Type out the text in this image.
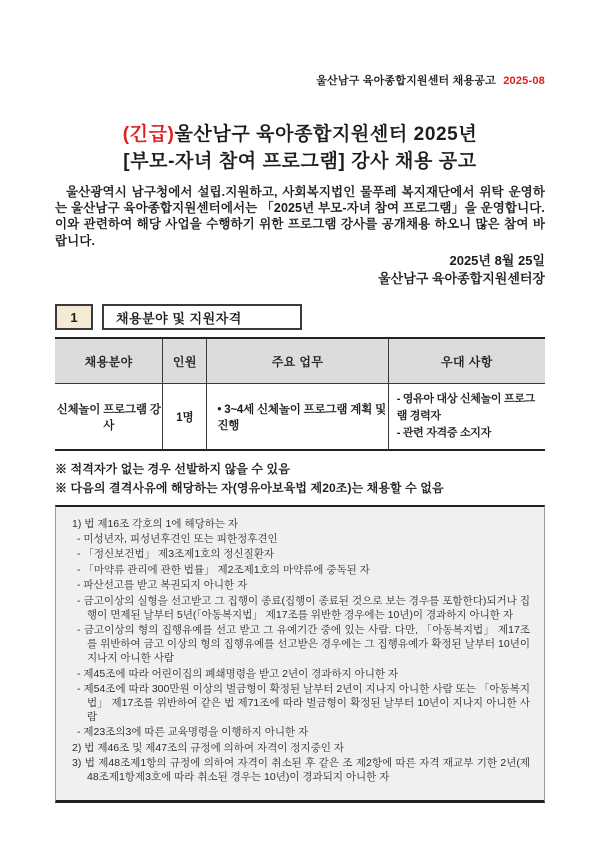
울산남구 육아종합지원센터 채용공고 2025-08
(긴급)울산남구 육아종합지원센터 2025년
[부모-자녀 참여 프로그램] 강사 채용 공고

울산광역시 남구청에서 설립.지원하고, 사회복지법인 물푸레 복지재단에서 위탁 운영하는 울산남구 육아종합지원센터에서는 「2025년 부모-자녀 참여 프로그램」을 운영합니다. 이와 관련하여 해당 사업을 수행하기 위한 프로그램 강사를 공개채용 하오니 많은 참여 바랍니다.

2025년 8월 25일
울산남구 육아종합지원센터장
1	채용분야 및 지원자격
채용분야	인원	주요 업무	우대 사항
신체놀이 프로그램 강사	1명	• 3~4세 신체놀이 프로그램 계획 및 진행	- 영유아 대상 신체놀이 프로그램 경력자
- 관련 자격증 소지자
※ 적격자가 없는 경우 선발하지 않을 수 있음
※ 다음의 결격사유에 해당하는 자(영유아보육법 제20조)는 채용할 수 없음
1) 법 제16조 각호의 1에 해당하는 자
- 미성년자, 피성년후견인 또는 피한정후견인
- 「정신보건법」 제3조제1호의 정신질환자
- 「마약류 관리에 관한 법률」 제2조제1호의 마약류에 중독된 자
- 파산선고를 받고 복권되지 아니한 자
- 금고이상의 실형을 선고받고 그 집행이 종료(집행이 종료된 것으로 보는 경우를 포함한다)되거나 집행이 면제된 날부터 5년(「아동복지법」 제17조를 위반한 경우에는 10년)이 경과하지 아니한 자
- 금고이상의 형의 집행유예를 선고 받고 그 유예기간 중에 있는 사람. 다만, 「아동복지법」 제17조를 위반하여 금고 이상의 형의 집행유예를 선고받은 경우에는 그 집행유예가 확정된 날부터 10년이 지나지 아니한 사람
- 제45조에 따라 어린이집의 폐쇄명령을 받고 2년이 경과하지 아니한 자
- 제54조에 따라 300만원 이상의 벌금형이 확정된 날부터 2년이 지나지 아니한 사람 또는 「아동복지법」 제17조를 위반하여 같은 법 제71조에 따라 벌금형이 확정된 날부터 10년이 지나지 아니한 사람
- 제23조의3에 따른 교육명령을 이행하지 아니한 자
2) 법 제46조 및 제47조의 규정에 의하여 자격이 정지중인 자
3) 법 제48조제1항의 규정에 의하여 자격이 취소된 후 같은 조 제2항에 따른 자격 재교부 기한 2년(제48조제1항제3호에 따라 취소된 경우는 10년)이 경과되지 아니한 자
